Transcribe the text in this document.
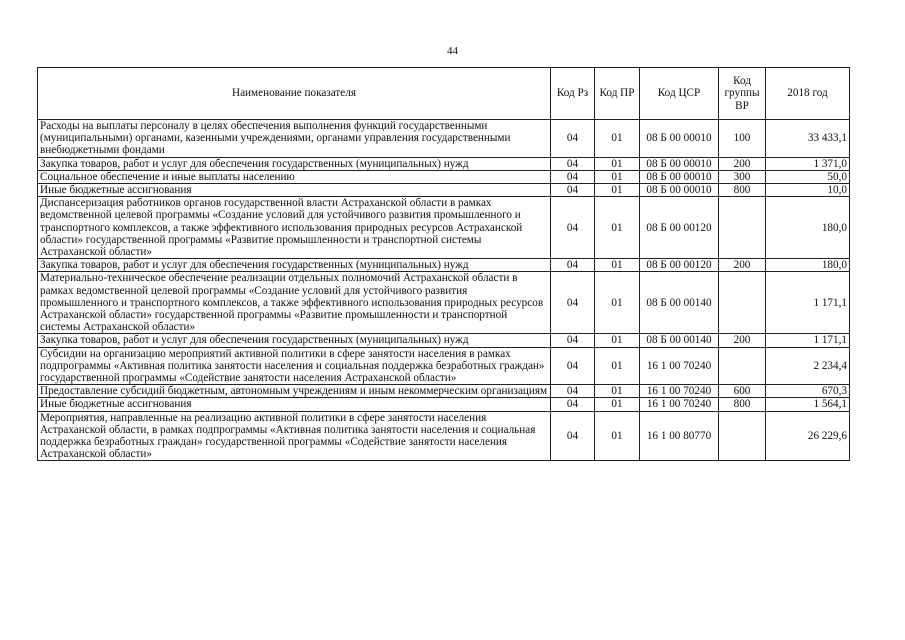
44
Наименование показателя	Код Рз	Код ПР	Код ЦСР	Код группы ВР	2018 год
Расходы на выплаты персоналу в целях обеспечения выполнения функций государственными (муниципальными) органами, казенными учреждениями, органами управления государственными внебюджетными фондами	04	01	08 Б 00 00010	100	33 433,1
Закупка товаров, работ и услуг для обеспечения государственных (муниципальных) нужд	04	01	08 Б 00 00010	200	1 371,0
Социальное обеспечение и иные выплаты населению	04	01	08 Б 00 00010	300	50,0
Иные бюджетные ассигнования	04	01	08 Б 00 00010	800	10,0
Диспансеризация работников органов государственной власти Астраханской области в рамках ведомственной целевой программы «Создание условий для устойчивого развития промышленного и транспортного комплексов, а также эффективного использования природных ресурсов Астраханской области» государственной программы «Развитие промышленности и транспортной системы Астраханской области»	04	01	08 Б 00 00120		180,0
Закупка товаров, работ и услуг для обеспечения государственных (муниципальных) нужд	04	01	08 Б 00 00120	200	180,0
Материально-техническое обеспечение реализации отдельных полномочий Астраханской области в рамках ведомственной целевой программы «Создание условий для устойчивого развития промышленного и транспортного комплексов, а также эффективного использования природных ресурсов Астраханской области» государственной программы «Развитие промышленности и транспортной системы Астраханской области»	04	01	08 Б 00 00140		1 171,1
Закупка товаров, работ и услуг для обеспечения государственных (муниципальных) нужд	04	01	08 Б 00 00140	200	1 171,1
Субсидии на организацию мероприятий активной политики в сфере занятости населения в рамках подпрограммы «Активная политика занятости населения и социальная поддержка безработных граждан» государственной программы «Содействие занятости населения Астраханской области»	04	01	16 1 00 70240		2 234,4
Предоставление субсидий бюджетным, автономным учреждениям и иным некоммерческим организациям	04	01	16 1 00 70240	600	670,3
Иные бюджетные ассигнования	04	01	16 1 00 70240	800	1 564,1
Мероприятия, направленные на реализацию активной политики в сфере занятости населения Астраханской области, в рамках подпрограммы «Активная политика занятости населения и социальная поддержка безработных граждан» государственной программы «Содействие занятости населения Астраханской области»	04	01	16 1 00 80770		26 229,6
